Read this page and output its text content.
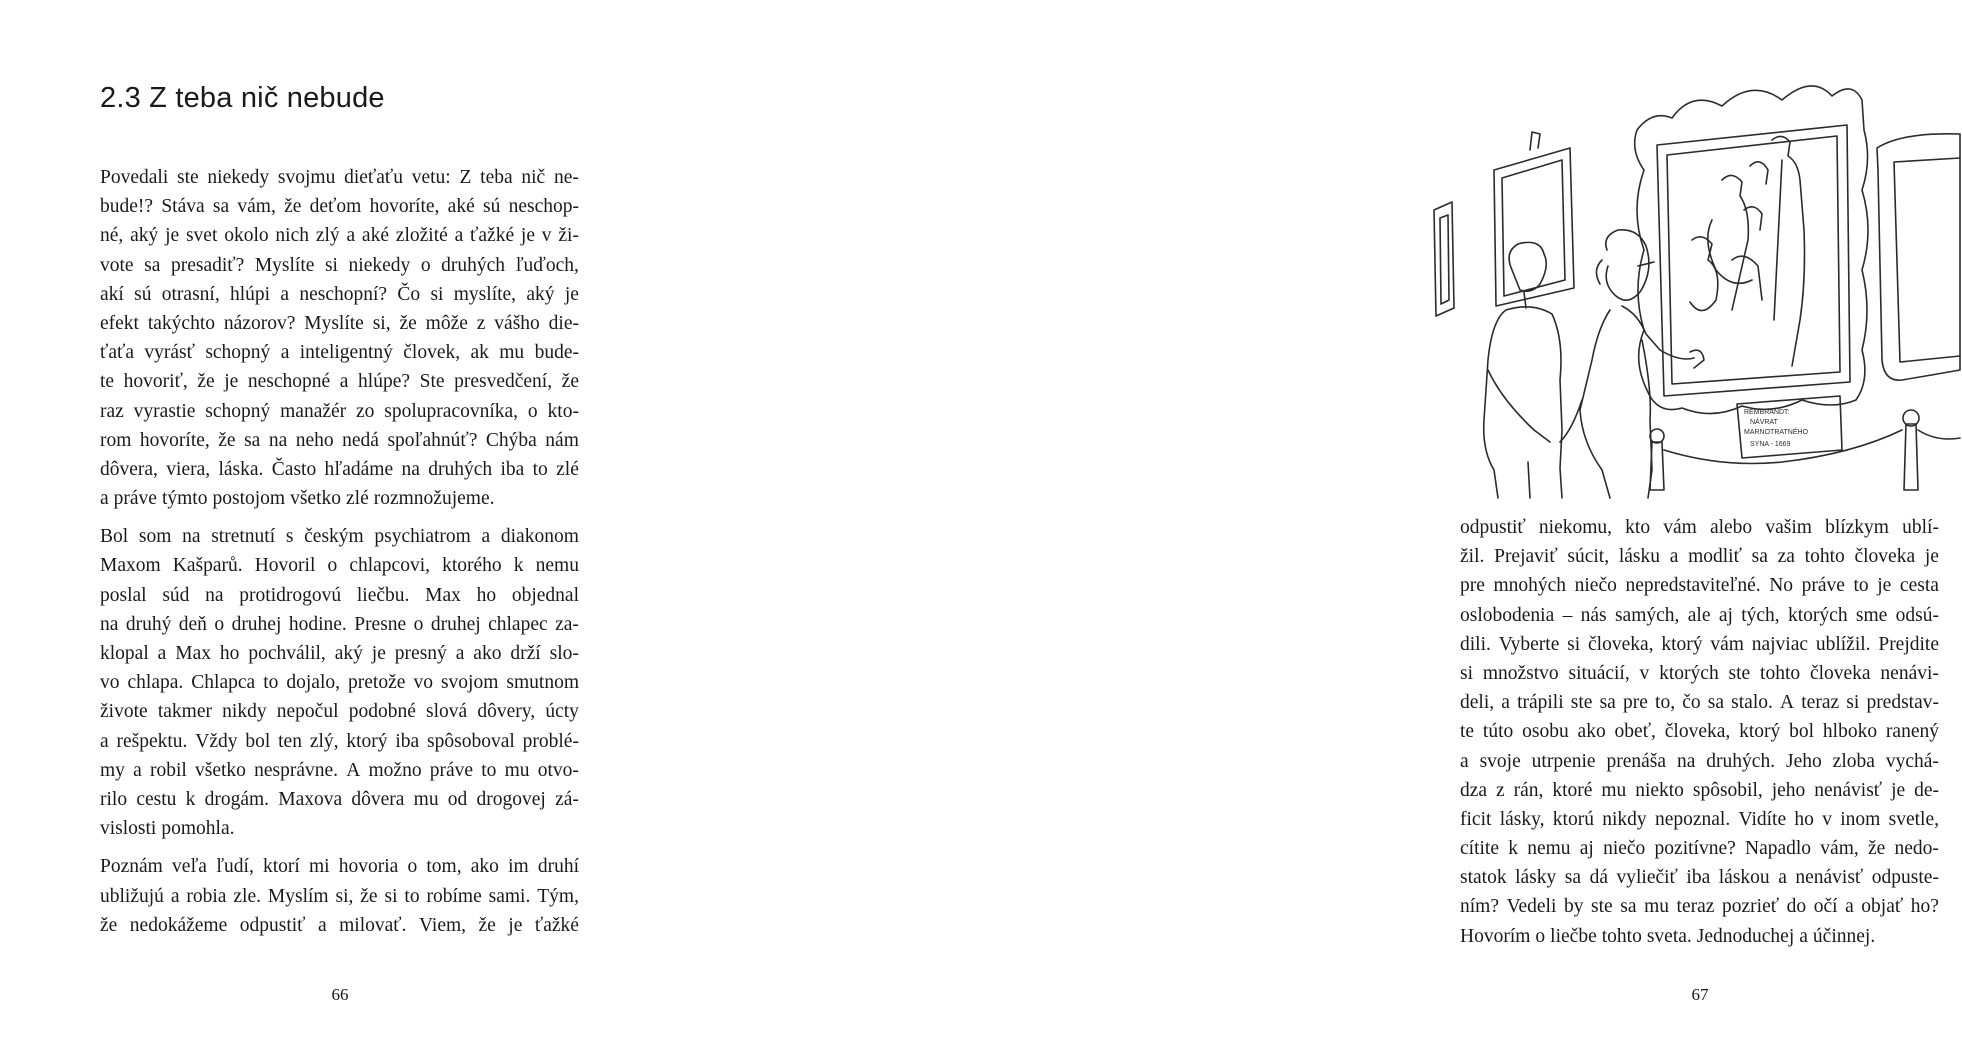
2.3 Z teba nič nebude
Povedali ste niekedy svojmu dieťaťu vetu: Z teba nič ne-
bude!? Stáva sa vám, že deťom hovoríte, aké sú neschop-
né, aký je svet okolo nich zlý a aké zložité a ťažké je v ži-
vote sa presadiť? Myslíte si niekedy o druhých ľuďoch,
akí sú otrasní, hlúpi a neschopní? Čo si myslíte, aký je
efekt takýchto názorov? Myslíte si, že môže z vášho die-
ťaťa vyrásť schopný a inteligentný človek, ak mu bude-
te hovoriť, že je neschopné a hlúpe? Ste presvedčení, že
raz vyrastie schopný manažér zo spolupracovníka, o kto-
rom hovoríte, že sa na neho nedá spoľahnúť? Chýba nám
dôvera, viera, láska. Často hľadáme na druhých iba to zlé
a práve týmto postojom všetko zlé rozmnožujeme.
Bol som na stretnutí s českým psychiatrom a diakonom
Maxom Kašparů. Hovoril o chlapcovi, ktorého k nemu
poslal súd na protidrogovú liečbu. Max ho objednal
na druhý deň o druhej hodine. Presne o druhej chlapec za-
klopal a Max ho pochválil, aký je presný a ako drží slo-
vo chlapa. Chlapca to dojalo, pretože vo svojom smutnom
živote takmer nikdy nepočul podobné slová dôvery, úcty
a rešpektu. Vždy bol ten zlý, ktorý iba spôsoboval problé-
my a robil všetko nesprávne. A možno práve to mu otvo-
rilo cestu k drogám. Maxova dôvera mu od drogovej zá-
vislosti pomohla.
Poznám veľa ľudí, ktorí mi hovoria o tom, ako im druhí
ubližujú a robia zle. Myslím si, že si to robíme sami. Tým,
že nedokážeme odpustiť a milovať. Viem, že je ťažké
66
REMBRANDT:
NÁVRAT
MARNOTRATNÉHO
SYNA - 1669
odpustiť niekomu, kto vám alebo vašim blízkym ublí-
žil. Prejaviť súcit, lásku a modliť sa za tohto človeka je
pre mnohých niečo nepredstaviteľné. No práve to je cesta
oslobodenia – nás samých, ale aj tých, ktorých sme odsú-
dili. Vyberte si človeka, ktorý vám najviac ublížil. Prejdite
si množstvo situácií, v ktorých ste tohto človeka nenávi-
deli, a trápili ste sa pre to, čo sa stalo. A teraz si predstav-
te túto osobu ako obeť, človeka, ktorý bol hlboko ranený
a svoje utrpenie prenáša na druhých. Jeho zloba vychá-
dza z rán, ktoré mu niekto spôsobil, jeho nenávisť je de-
ficit lásky, ktorú nikdy nepoznal. Vidíte ho v inom svetle,
cítite k nemu aj niečo pozitívne? Napadlo vám, že nedo-
statok lásky sa dá vyliečiť iba láskou a nenávisť odpuste-
ním? Vedeli by ste sa mu teraz pozrieť do očí a objať ho?
Hovorím o liečbe tohto sveta. Jednoduchej a účinnej.
67
